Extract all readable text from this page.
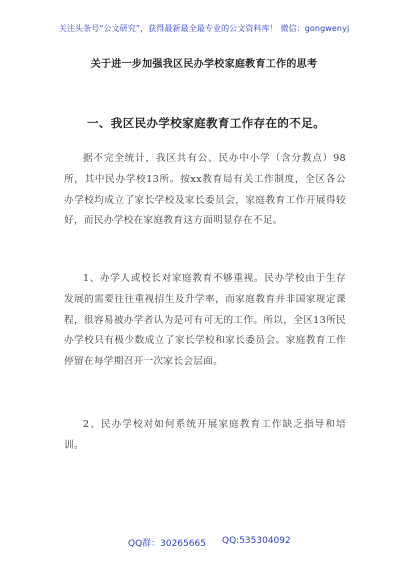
关注头条号“公文研究”，获得最新最全最专业的公文资料库！ 微信：gongwenyj
关于进一步加强我区民办学校家庭教育工作的思考
一、我区民办学校家庭教育工作存在的不足。

据不完全统计，我区共有公、民办中小学（含分教点）98所，其中民办学校13所。按xx教育局有关工作制度，全区各公办学校均成立了家长学校及家长委员会，家庭教育工作开展得较好，而民办学校在家庭教育这方面明显存在不足。

1、办学人或校长对家庭教育不够重视。民办学校由于生存发展的需要往往重视招生及升学率，而家庭教育并非国家规定课程，很容易被办学者认为是可有可无的工作。所以，全区13所民办学校只有极少数成立了家长学校和家长委员会。家庭教育工作停留在每学期召开一次家长会层面。

2、民办学校对如何系统开展家庭教育工作缺乏指导和培训。

QQ群：30265665 QQ:535304092
